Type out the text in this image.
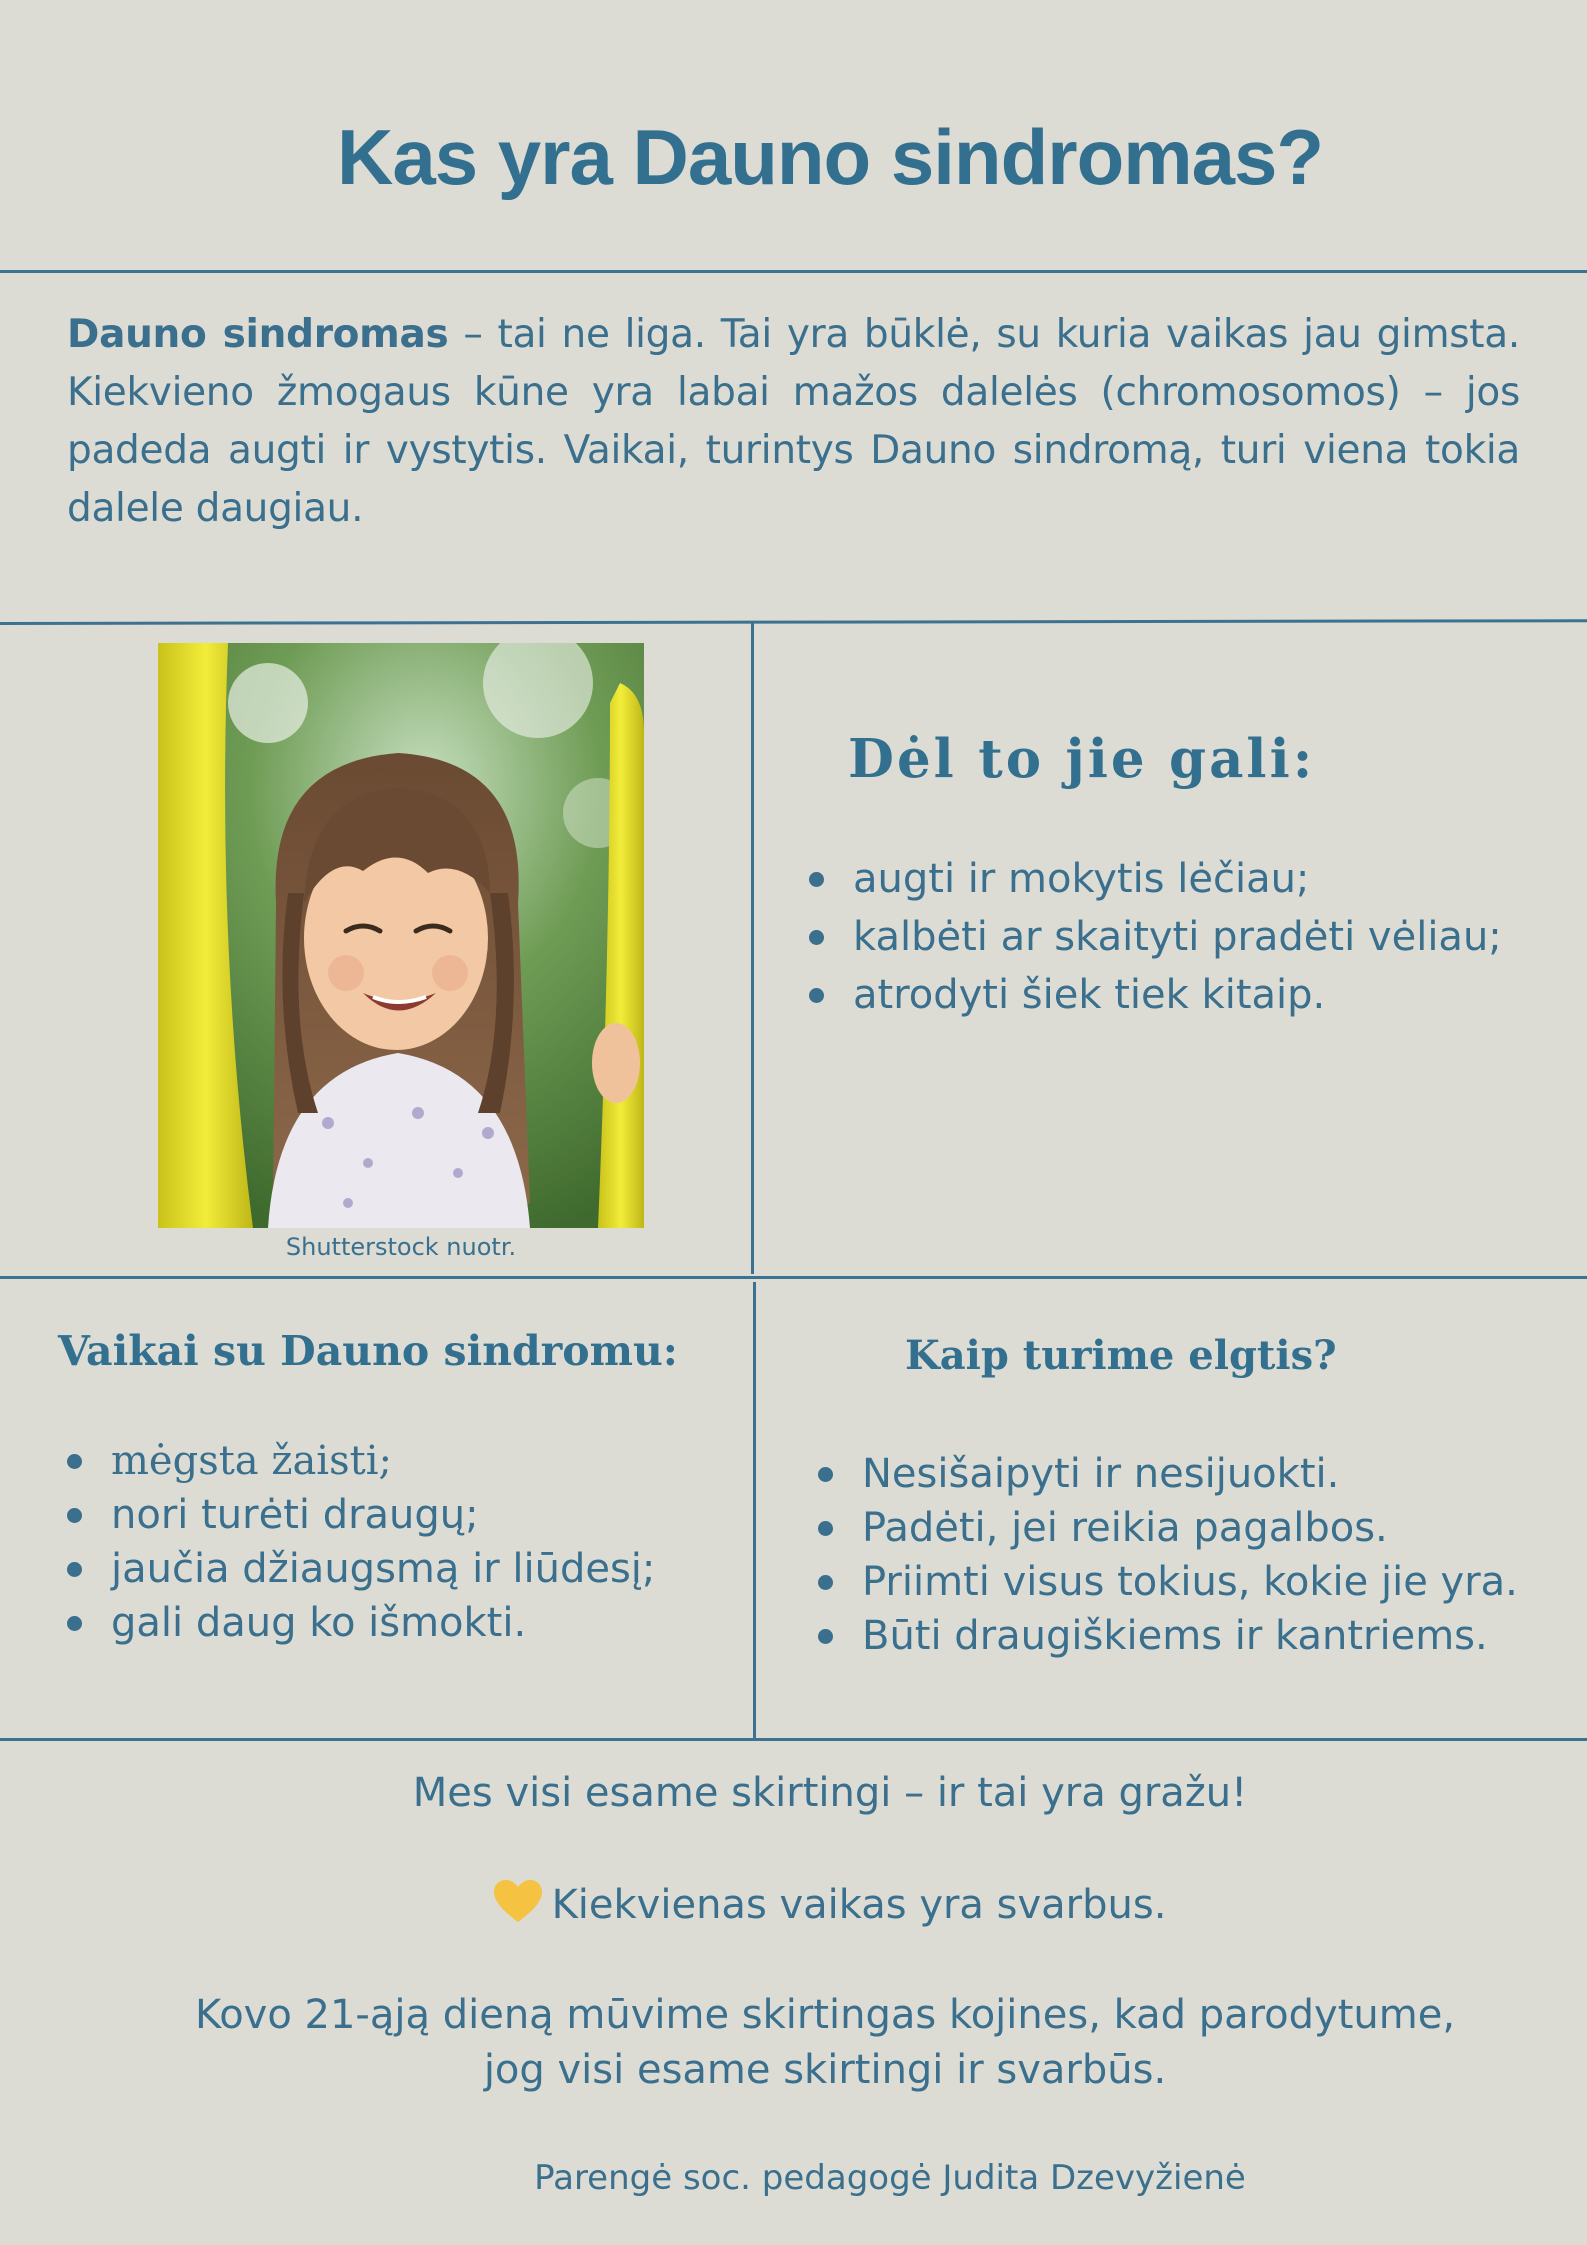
Kas yra Dauno sindromas?

Dauno sindromas – tai ne liga. Tai yra būklė, su kuria vaikas jau gimsta. Kiekvieno žmogaus kūne yra labai mažos dalelės (chromosomos) – jos padeda augti ir vystytis. Vaikai, turintys Dauno sindromą, turi viena tokia dalele daugiau.

Shutterstock nuotr.

Dėl to jie gali:
augti ir mokytis lėčiau;
kalbėti ar skaityti pradėti vėliau;
atrodyti šiek tiek kitaip.
Vaikai su Dauno sindromu:
mėgsta žaisti;
nori turėti draugų;
jaučia džiaugsmą ir liūdesį;
gali daug ko išmokti.
Kaip turime elgtis?
Nesišaipyti ir nesijuokti.
Padėti, jei reikia pagalbos.
Priimti visus tokius, kokie jie yra.
Būti draugiškiems ir kantriems.

Mes visi esame skirtingi – ir tai yra gražu!

Kiekvienas vaikas yra svarbus.

Kovo 21-ąją dieną mūvime skirtingas kojines, kad parodytume,

jog visi esame skirtingi ir svarbūs.

Parengė soc. pedagogė Judita Dzevyžienė
